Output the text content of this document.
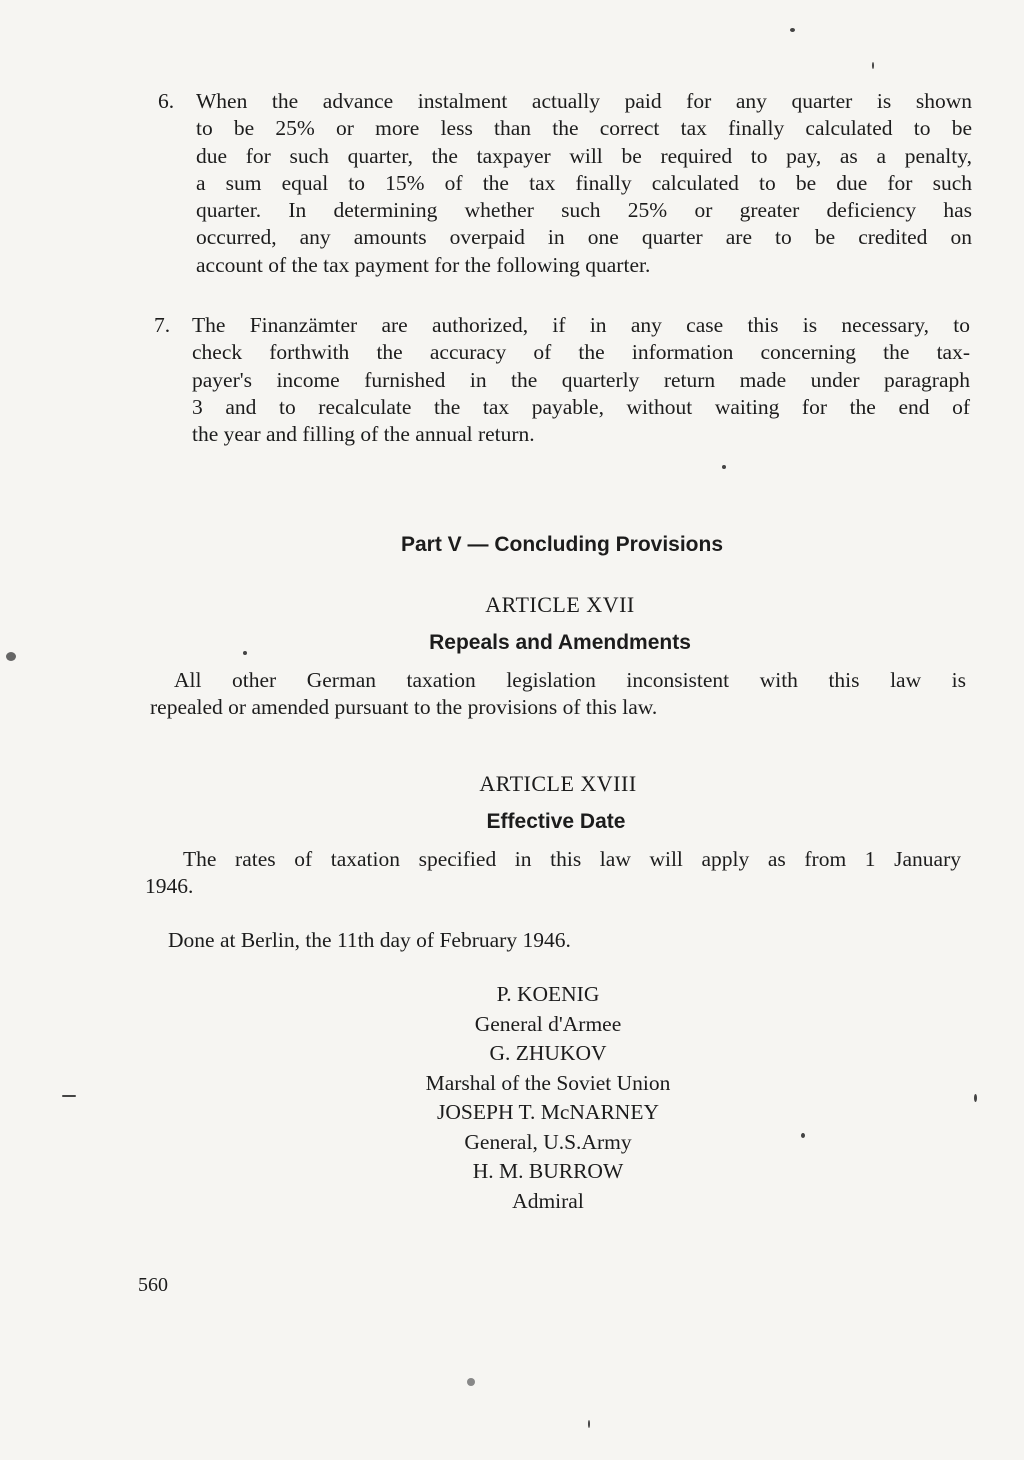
6. When the advance instalment actually paid for any quarter is shown
to be 25% or more less than the correct tax finally calculated to be
due for such quarter, the taxpayer will be required to pay, as a penalty,
a sum equal to 15% of the tax finally calculated to be due for such
quarter. In determining whether such 25% or greater deficiency has
occurred, any amounts overpaid in one quarter are to be credited on
account of the tax payment for the following quarter.
7. The Finanzämter are authorized, if in any case this is necessary, to
check forthwith the accuracy of the information concerning the tax-
payer's income furnished in the quarterly return made under paragraph
3 and to recalculate the tax payable, without waiting for the end of
the year and filling of the annual return.
Part V — Concluding Provisions
ARTICLE XVII
Repeals and Amendments
All other German taxation legislation inconsistent with this law is
repealed or amended pursuant to the provisions of this law.
ARTICLE XVIII
Effective Date
The rates of taxation specified in this law will apply as from 1 January
1946.
Done at Berlin, the 11th day of February 1946.
P. KOENIG
General d'Armee
G. ZHUKOV
Marshal of the Soviet Union
JOSEPH T. McNARNEY
General, U.S.Army
H. M. BURROW
Admiral
560
